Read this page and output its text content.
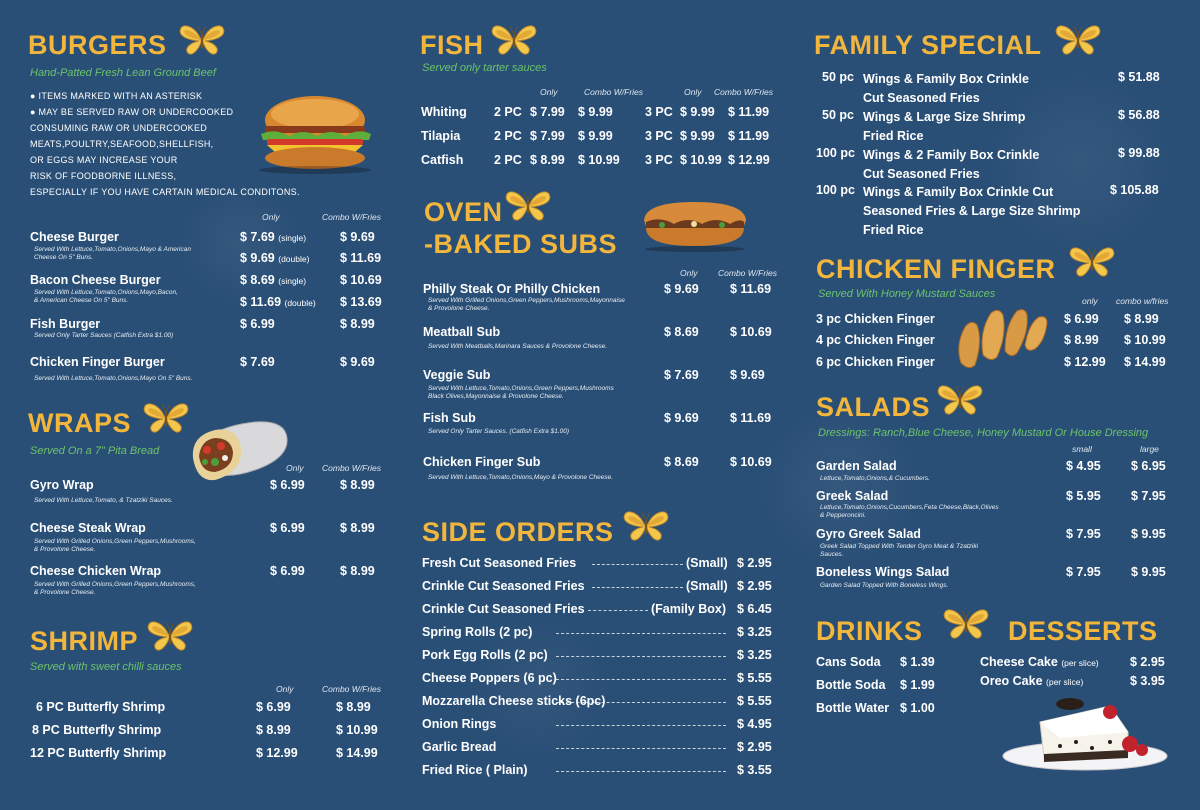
BURGERS
Hand-Patted Fresh Lean Ground Beef
● ITEMS MARKED WITH AN ASTERISK
● MAY BE SERVED RAW OR UNDERCOOKED
CONSUMING RAW OR UNDERCOOKED
MEATS,POULTRY,SEAFOOD,SHELLFISH,
OR EGGS MAY INCREASE YOUR
RISK OF FOODBORNE ILLNESS,
ESPECIALLY IF YOU HAVE CARTAIN MEDICAL CONDITONS.
Only	Combo W/Fries
Cheese Burger
Served With Lettuce,Tomato,Onions,Mayo & American
Cheese On 5" Buns.
$ 7.69 (single)	$ 9.69
$ 9.69 (double) $ 11.69
Bacon Cheese Burger
Served With Lettuce,Tomato,Onions,Mayo,Bacon,
& American Cheese On 5" Buns.
$ 8.69 (single)	$ 10.69
$ 11.69 (double) $ 13.69
Fish Burger
Served Only Tarter Sauces (Catfish Extra $1.00)
$ 6.99	$ 8.99
Chicken Finger Burger
Served With Lettuce,Tomato,Onions,Mayo On 5" Buns.
$ 7.69	$ 9.69
WRAPS
Served On a 7" Pita Bread
Only Combo W/Fries
Gyro Wrap
Served With Lettuce,Tomato, & Tzatziki Sauces.
$ 6.99	$ 8.99
Cheese Steak Wrap
Served With Grilled Onions,Green Peppers,Mushrooms,
& Provolone Cheese.
$ 6.99	$ 8.99
Cheese Chicken Wrap
Served With Grilled Onions,Green Peppers,Mushrooms,
& Provolone Cheese.
$ 6.99	$ 8.99
SHRIMP
Served with sweet chilli sauces
Only	Combo W/Fries
6 PC Butterfly Shrimp	$ 6.99	$ 8.99
8 PC Butterfly Shrimp	$ 8.99	$ 10.99
12 PC Butterfly Shrimp	$ 12.99	$ 14.99
FISH
Served only tarter sauces
Only	Combo W/Fries	Only Combo W/Fries
Whiting 2 PC $ 7.99 $ 9.99	3 PC $ 9.99 $ 11.99
Tilapia	2 PC $ 7.99 $ 9.99	3 PC $ 9.99 $ 11.99
Catfish 2 PC $ 8.99 $ 10.99 3 PC $ 10.99 $ 12.99
OVEN
-BAKED SUBS
Only Combo W/Fries
Philly Steak Or Philly Chicken
Served With Grilled Onions,Green Peppers,Mushrooms,Mayonnaise
& Provolone Cheese.
$ 9.69 $ 11.69
Meatball Sub
Served With Meatballs,Marinara Sauces & Provolone Cheese.
$ 8.69 $ 10.69
Veggie Sub
Served With Lettuce,Tomato,Onions,Green Peppers,Mushrooms
Black Olives,Mayonnaise & Provolone Cheese.
$ 7.69 $ 9.69
Fish Sub
Served Only Tarter Sauces. (Catfish Extra $1.00)
$ 9.69 $ 11.69
Chicken Finger Sub
Served With Lettuce,Tomato,Onions,Mayo & Provolone Cheese.
$ 8.69 $ 10.69
SIDE ORDERS
Fresh Cut Seasoned Fries	(Small) $ 2.95
Crinkle Cut Seasoned Fries	(Small) $ 2.95
Crinkle Cut Seasoned Fries	(Family Box) $ 6.45
Spring Rolls (2 pc)	$ 3.25
Pork Egg Rolls (2 pc)	$ 3.25
Cheese Poppers (6 pc)	$ 5.55
Mozzarella Cheese sticks (6pc)	$ 5.55
Onion Rings	$ 4.95
Garlic Bread	$ 2.95
Fried Rice ( Plain)	$ 3.55
FAMILY SPECIAL
50 pc Wings & Family Box Crinkle
Cut Seasoned Fries
$ 51.88
50 pc Wings & Large Size Shrimp
Fried Rice
$ 56.88
100 pc Wings & 2 Family Box Crinkle
Cut Seasoned Fries
$ 99.88
100 pc Wings & Family Box Crinkle Cut
Seasoned Fries & Large Size Shrimp
Fried Rice
$ 105.88
CHICKEN FINGER
Served With Honey Mustard Sauces
only combo w/fries
3 pc Chicken Finger	$ 6.99 $ 8.99
4 pc Chicken Finger	$ 8.99 $ 10.99
6 pc Chicken Finger	$ 12.99 $ 14.99
SALADS
Dressings: Ranch,Blue Cheese, Honey Mustard Or House Dressing
small	large
Garden Salad
Lettuce,Tomato,Onions,& Cucumbers.
$ 4.95 $ 6.95
Greek Salad
Lettuce,Tomato,Onions,Cucumbers,Feta Cheese,Black,Olives
& Pepperoncini.
$ 5.95 $ 7.95
Gyro Greek Salad
Greek Salad Topped With Tender Gyro Meat & Tzatziki
Sauces.
$ 7.95 $ 9.95
Boneless Wings Salad
Garden Salad Topped With Boneless Wings.
$ 7.95 $ 9.95
DRINKS	DESSERTS
Cans Soda $ 1.39
Bottle Soda $ 1.99
Bottle Water $ 1.00
Cheese Cake (per slice)	$ 2.95
Oreo Cake (per slice)	$ 3.95
